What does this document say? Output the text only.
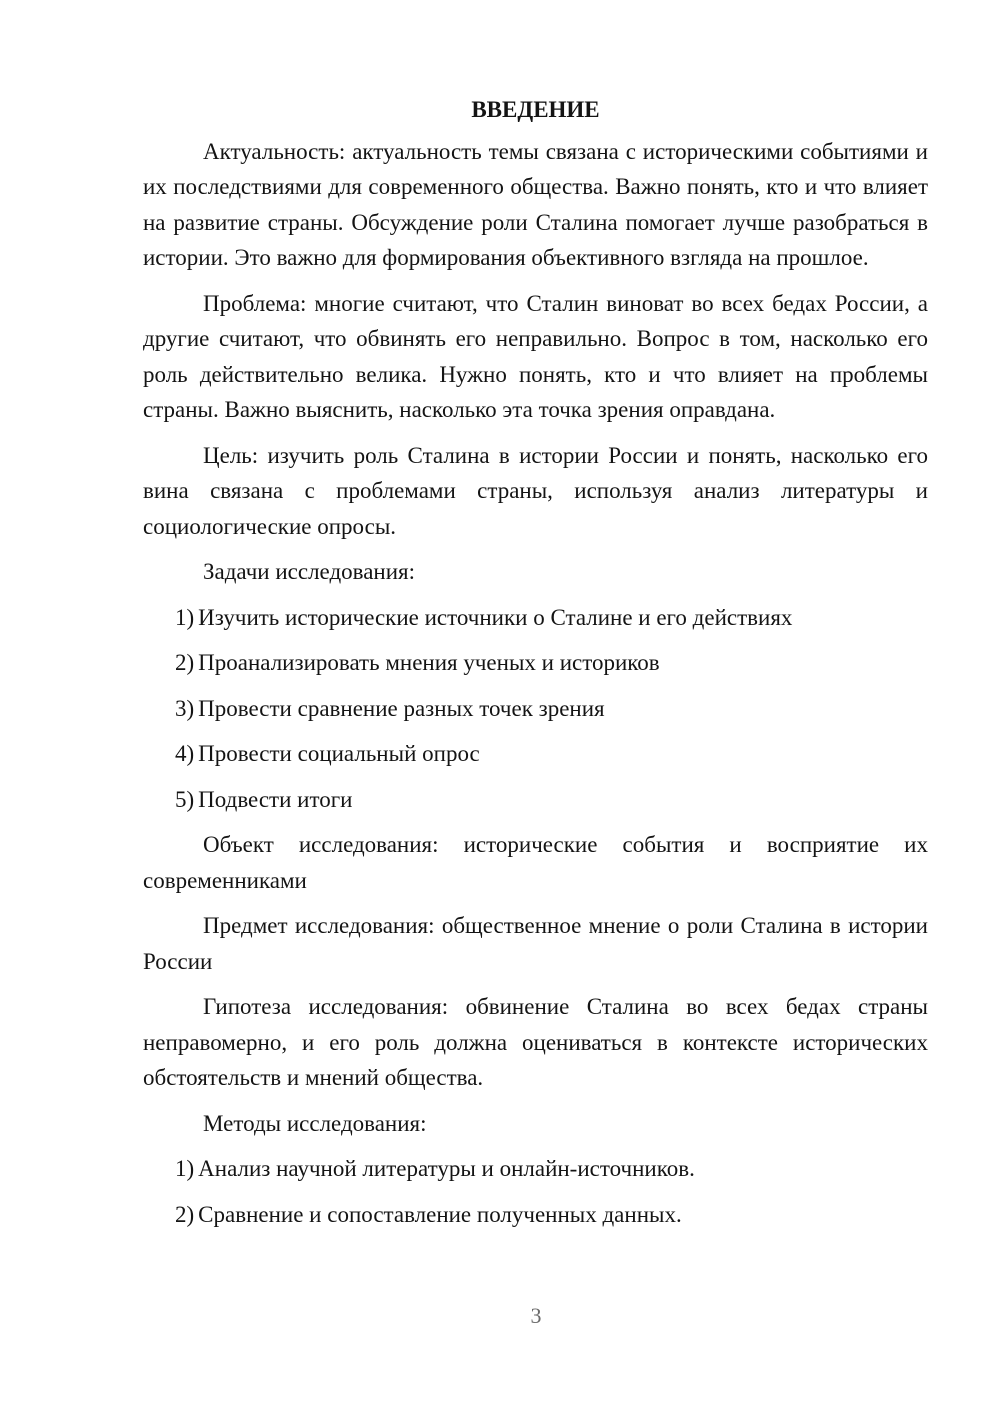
ВВЕДЕНИЕ

Актуальность: актуальность темы связана с историческими событиями и их последствиями для современного общества. Важно понять, кто и что влияет на развитие страны. Обсуждение роли Сталина помогает лучше разобраться в истории. Это важно для формирования объективного взгляда на прошлое.

Проблема: многие считают, что Сталин виноват во всех бедах России, а другие считают, что обвинять его неправильно. Вопрос в том, насколько его роль действительно велика. Нужно понять, кто и что влияет на проблемы страны. Важно выяснить, насколько эта точка зрения оправдана.

Цель: изучить роль Сталина в истории России и понять, насколько его вина связана с проблемами страны, используя анализ литературы и социологические опросы.

Задачи исследования:

1) Изучить исторические источники о Сталине и его действиях
2) Проанализировать мнения ученых и историков
3) Провести сравнение разных точек зрения
4) Провести социальный опрос
5) Подвести итоги

Объект исследования: исторические события и восприятие их современниками

Предмет исследования: общественное мнение о роли Сталина в истории России

Гипотеза исследования: обвинение Сталина во всех бедах страны неправомерно, и его роль должна оцениваться в контексте исторических обстоятельств и мнений общества.

Методы исследования:

1) Анализ научной литературы и онлайн-источников.
2) Сравнение и сопоставление полученных данных.
3
